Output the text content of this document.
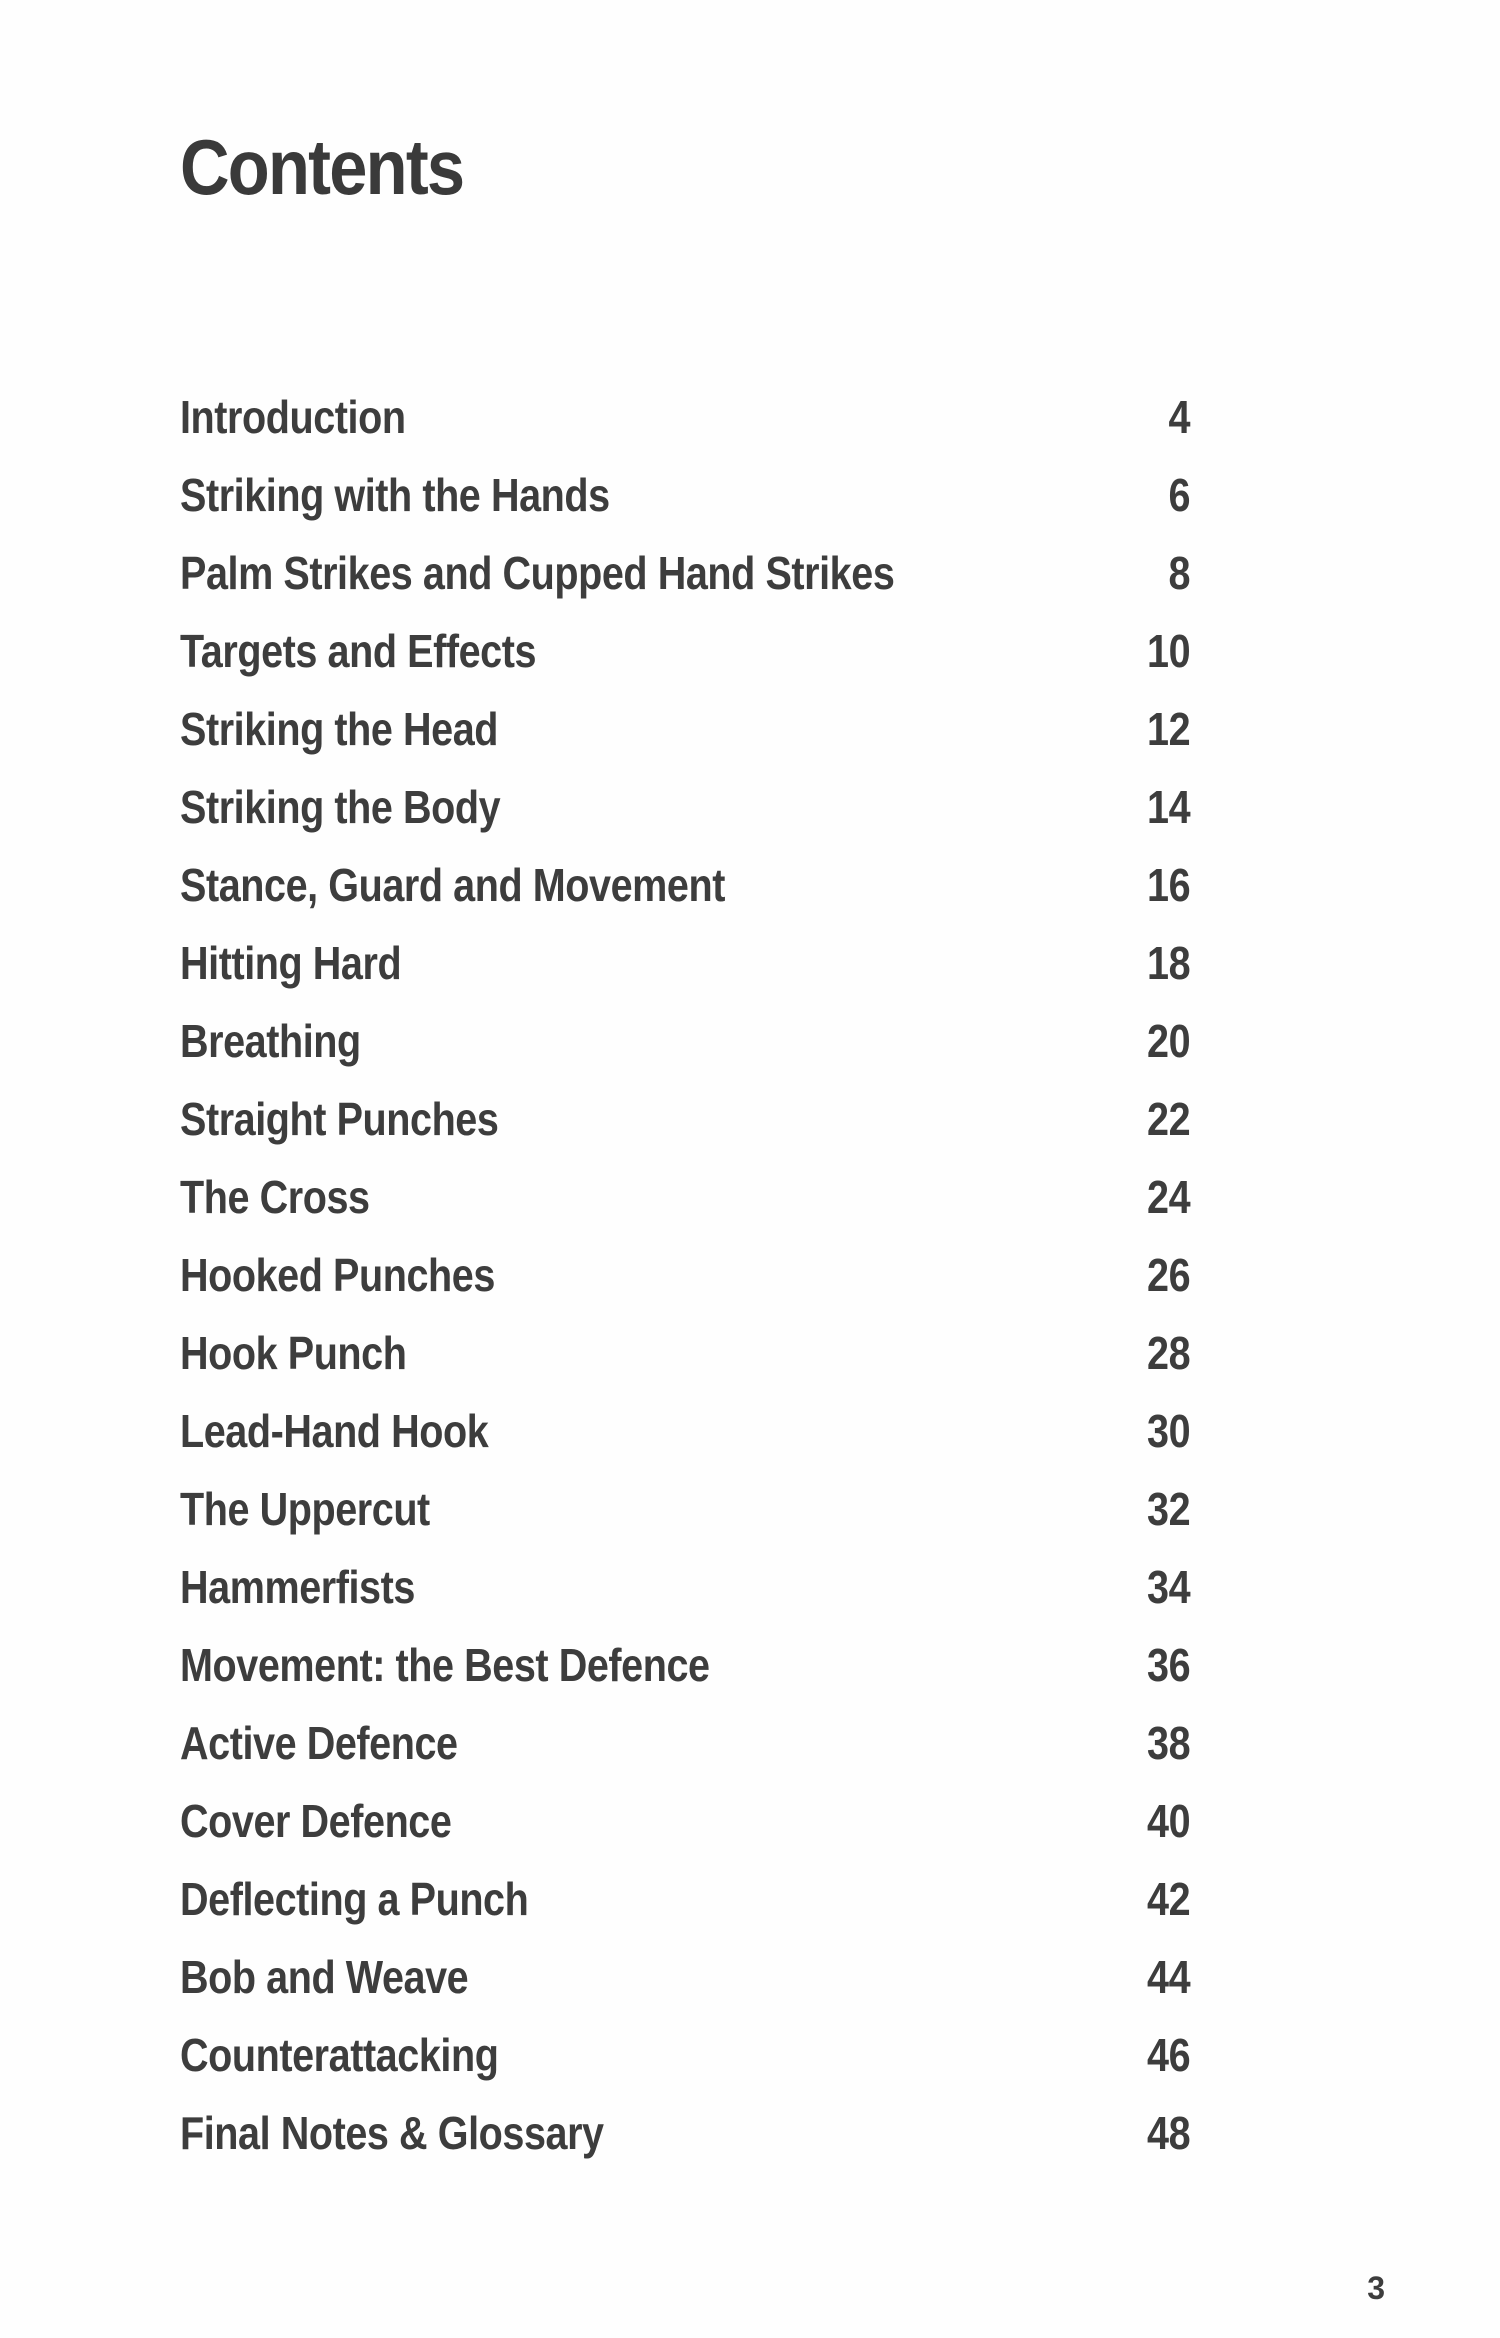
Contents
Introduction	4
Striking with the Hands	6
Palm Strikes and Cupped Hand Strikes	8
Targets and Effects	10
Striking the Head	12
Striking the Body	14
Stance, Guard and Movement	16
Hitting Hard	18
Breathing	20
Straight Punches	22
The Cross	24
Hooked Punches	26
Hook Punch	28
Lead-Hand Hook	30
The Uppercut	32
Hammerfists	34
Movement: the Best Defence	36
Active Defence	38
Cover Defence	40
Deflecting a Punch	42
Bob and Weave	44
Counterattacking	46
Final Notes & Glossary	48
3
